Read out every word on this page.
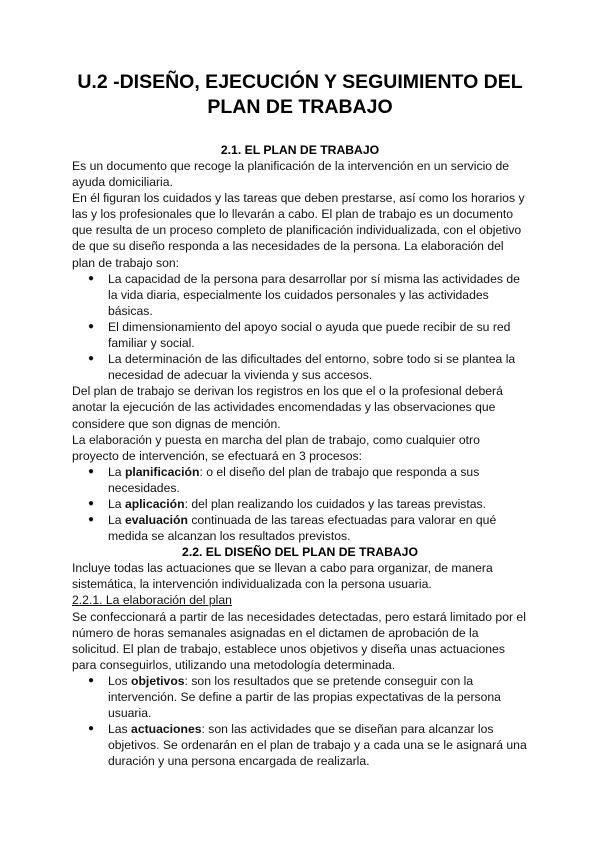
U.2 -DISEÑO, EJECUCIÓN Y SEGUIMIENTO DEL PLAN DE TRABAJO
2.1. EL PLAN DE TRABAJO

Es un documento que recoge la planificación de la intervención en un servicio de ayuda domiciliaria.

En él figuran los cuidados y las tareas que deben prestarse, así como los horarios y las y los profesionales que lo llevarán a cabo. El plan de trabajo es un documento que resulta de un proceso completo de planificación individualizada, con el objetivo de que su diseño responda a las necesidades de la persona. La elaboración del plan de trabajo son:

● La capacidad de la persona para desarrollar por sí misma las actividades de la vida diaria, especialmente los cuidados personales y las actividades básicas.
● El dimensionamiento del apoyo social o ayuda que puede recibir de su red familiar y social.
● La determinación de las dificultades del entorno, sobre todo si se plantea la necesidad de adecuar la vivienda y sus accesos.

Del plan de trabajo se derivan los registros en los que el o la profesional deberá anotar la ejecución de las actividades encomendadas y las observaciones que considere que son dignas de mención.

La elaboración y puesta en marcha del plan de trabajo, como cualquier otro proyecto de intervención, se efectuará en 3 procesos:

● La planificación: o el diseño del plan de trabajo que responda a sus necesidades.
● La aplicación: del plan realizando los cuidados y las tareas previstas.
● La evaluación continuada de las tareas efectuadas para valorar en qué medida se alcanzan los resultados previstos.
2.2. EL DISEÑO DEL PLAN DE TRABAJO

Incluye todas las actuaciones que se llevan a cabo para organizar, de manera sistemática, la intervención individualizada con la persona usuaria.

2.2.1. La elaboración del plan

Se confeccionará a partir de las necesidades detectadas, pero estará limitado por el número de horas semanales asignadas en el dictamen de aprobación de la solicitud. El plan de trabajo, establece unos objetivos y diseña unas actuaciones para conseguirlos, utilizando una metodología determinada.

● Los objetivos: son los resultados que se pretende conseguir con la intervención. Se define a partir de las propias expectativas de la persona usuaria.
● Las actuaciones: son las actividades que se diseñan para alcanzar los objetivos. Se ordenarán en el plan de trabajo y a cada una se le asignará una duración y una persona encargada de realizarla.
